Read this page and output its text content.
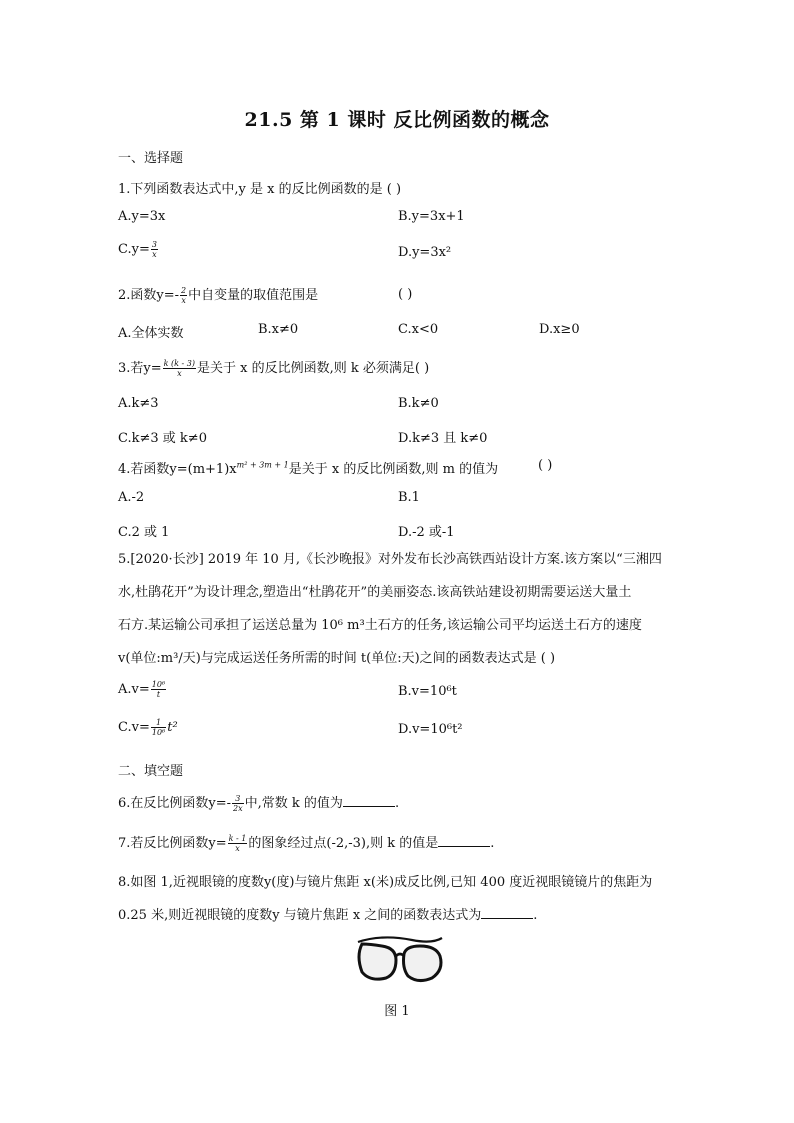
21.5 第 1 课时 反比例函数的概念
一、选择题
1.下列函数表达式中,y 是 x 的反比例函数的是 ( )
A.y=3x	B.y=3x+1
$C.y= \frac{3}{x}$	D.y=3x²
2.函数$y=- \frac{2}{x}$ 中自变量的取值范围是	( )
A.全体实数	B.x≠0	C.x<0	D.x≥0
3.若$y= \frac{k (k - 3)}{x}$ 是关于 x 的反比例函数,则 k 必须满足( )
A.k≠3	B.k≠0
C.k≠3 或 k≠0	D.k≠3 且 k≠0
4.若函数$y=(m+1)x^{m^2 + 3m + 1}$是关于 x 的反比例函数,则 m 的值为	( )
A.-2	B.1
C.2 或 1	D.-2 或-1
5.[2020·长沙] 2019 年 10 月,《长沙晚报》对外发布长沙高铁西站设计方案.该方案以“三湘四
水,杜鹃花开”为设计理念,塑造出“杜鹃花开”的美丽姿态.该高铁站建设初期需要运送大量土
石方.某运输公司承担了运送总量为 10⁶ m³土石方的任务,该运输公司平均运送土石方的速度
v(单位:m³/天)与完成运送任务所需的时间 t(单位:天)之间的函数表达式是 ( )
$A.v= \frac{\text{10⁶}}{t}$	B.v=10⁶t
$C.v= \frac{1}{\text{10⁶}} t^2$	D.v=10⁶t²
二、填空题
6.在反比例函数$y=- \frac{3}{2x}$ 中,常数 k 的值为	.
7.若反比例函数$y= \frac{k - 1}{x}$ 的图象经过点(-2,-3),则 k 的值是	.
8.如图 1,近视眼镜的度数y(度)与镜片焦距 x(米)成反比例,已知 400 度近视眼镜镜片的焦距为
0.25 米,则近视眼镜的度数y 与镜片焦距 x 之间的函数表达式为	.
图 1
